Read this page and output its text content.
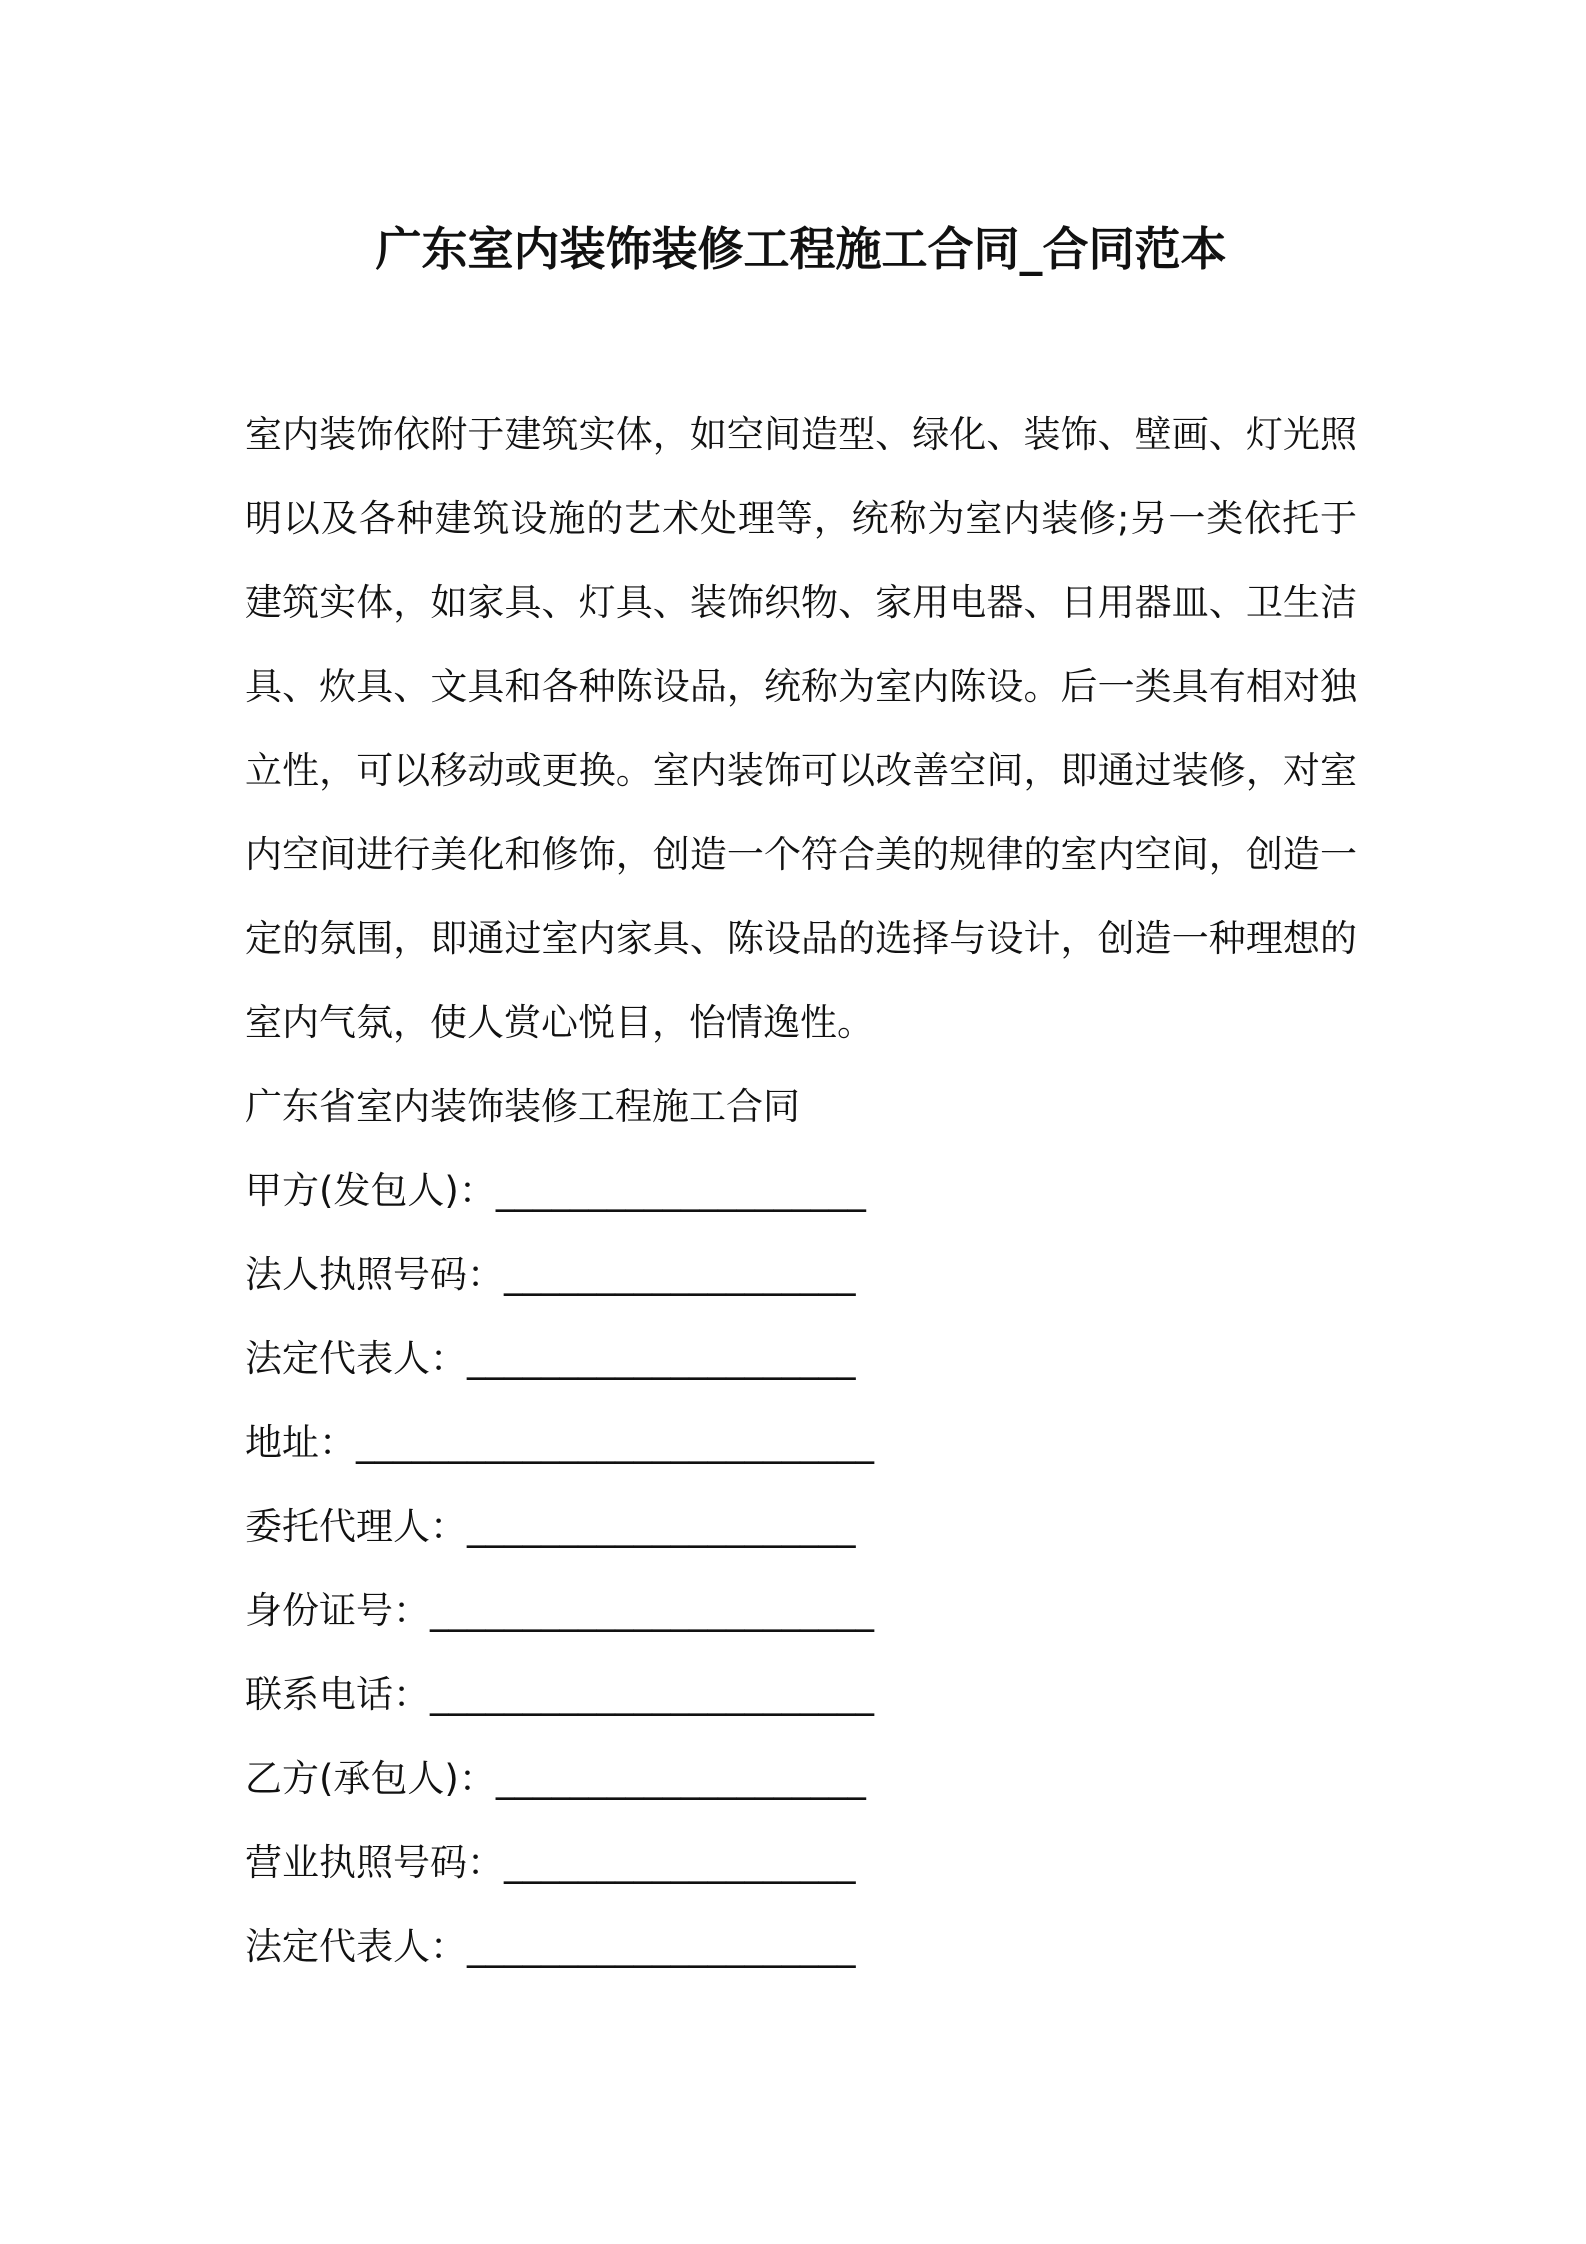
广东室内装饰装修工程施工合同_合同范本
室内装饰依附于建筑实体，如空间造型、绿化、装饰、壁画、灯光照
明以及各种建筑设施的艺术处理等，统称为室内装修;另一类依托于
建筑实体，如家具、灯具、装饰织物、家用电器、日用器皿、卫生洁
具、炊具、文具和各种陈设品，统称为室内陈设。后一类具有相对独
立性，可以移动或更换。室内装饰可以改善空间，即通过装修，对室
内空间进行美化和修饰，创造一个符合美的规律的室内空间，创造一
定的氛围，即通过室内家具、陈设品的选择与设计，创造一种理想的
室内气氛，使人赏心悦目，怡情逸性。
广东省室内装饰装修工程施工合同
甲方(发包人)：____________________
法人执照号码：___________________
法定代表人：_____________________
地址：____________________________
委托代理人：_____________________
身份证号：________________________
联系电话：________________________
乙方(承包人)：____________________
营业执照号码：___________________
法定代表人：_____________________
